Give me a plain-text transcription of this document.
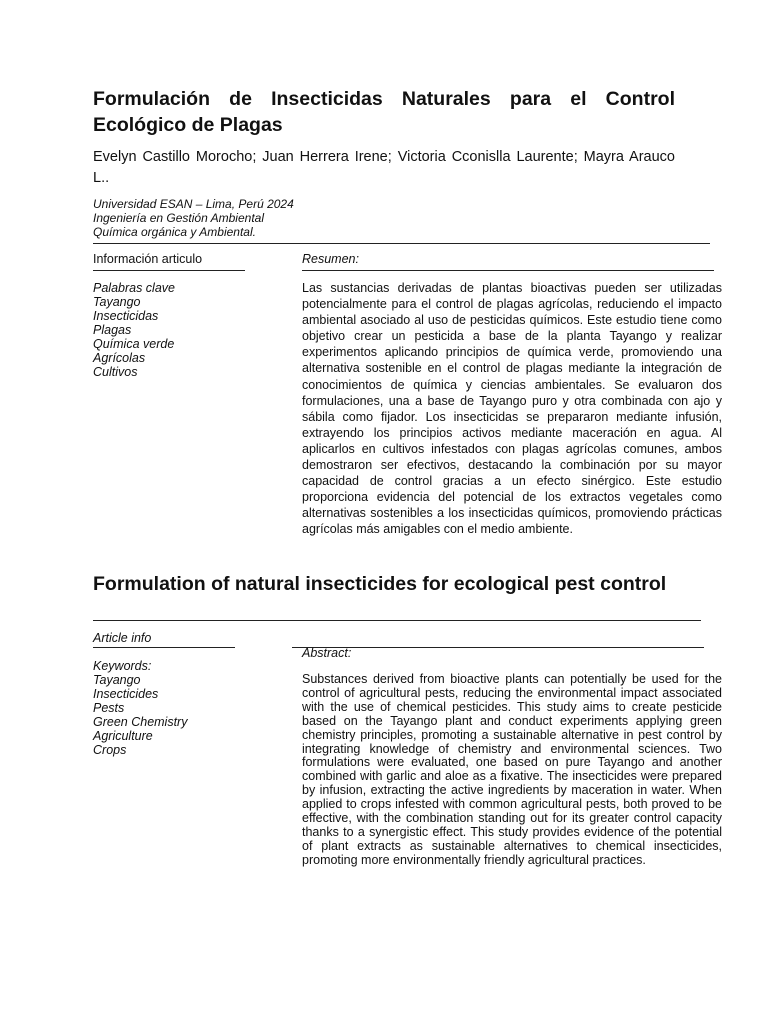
Formulación de Insecticidas Naturales para el Control Ecológico de Plagas
Evelyn Castillo Morocho; Juan Herrera Irene; Victoria Cconislla Laurente; Mayra Arauco L..
Universidad ESAN – Lima, Perú 2024
Ingeniería en Gestión Ambiental
Química orgánica y Ambiental.
Información articulo	Resumen:
Palabras clave
Tayango
Insecticidas
Plagas
Química verde
Agrícolas
Cultivos
Las sustancias derivadas de plantas bioactivas pueden ser utilizadas potencialmente para el control de plagas agrícolas, reduciendo el impacto ambiental asociado al uso de pesticidas químicos. Este estudio tiene como objetivo crear un pesticida a base de la planta Tayango y realizar experimentos aplicando principios de química verde, promoviendo una alternativa sostenible en el control de plagas mediante la integración de conocimientos de química y ciencias ambientales. Se evaluaron dos formulaciones, una a base de Tayango puro y otra combinada con ajo y sábila como fijador. Los insecticidas se prepararon mediante infusión, extrayendo los principios activos mediante maceración en agua. Al aplicarlos en cultivos infestados con plagas agrícolas comunes, ambos demostraron ser efectivos, destacando la combinación por su mayor capacidad de control gracias a un efecto sinérgico. Este estudio proporciona evidencia del potencial de los extractos vegetales como alternativas sostenibles a los insecticidas químicos, promoviendo prácticas agrícolas más amigables con el medio ambiente.
Formulation of natural insecticides for ecological pest control
Article info
Abstract:
Keywords:
Tayango
Insecticides
Pests
Green Chemistry
Agriculture
Crops
Substances derived from bioactive plants can potentially be used for the control of agricultural pests, reducing the environmental impact associated with the use of chemical pesticides. This study aims to create pesticide based on the Tayango plant and conduct experiments applying green chemistry principles, promoting a sustainable alternative in pest control by integrating knowledge of chemistry and environmental sciences. Two formulations were evaluated, one based on pure Tayango and another combined with garlic and aloe as a fixative. The insecticides were prepared by infusion, extracting the active ingredients by maceration in water. When applied to crops infested with common agricultural pests, both proved to be effective, with the combination standing out for its greater control capacity thanks to a synergistic effect. This study provides evidence of the potential of plant extracts as sustainable alternatives to chemical insecticides, promoting more environmentally friendly agricultural practices.
